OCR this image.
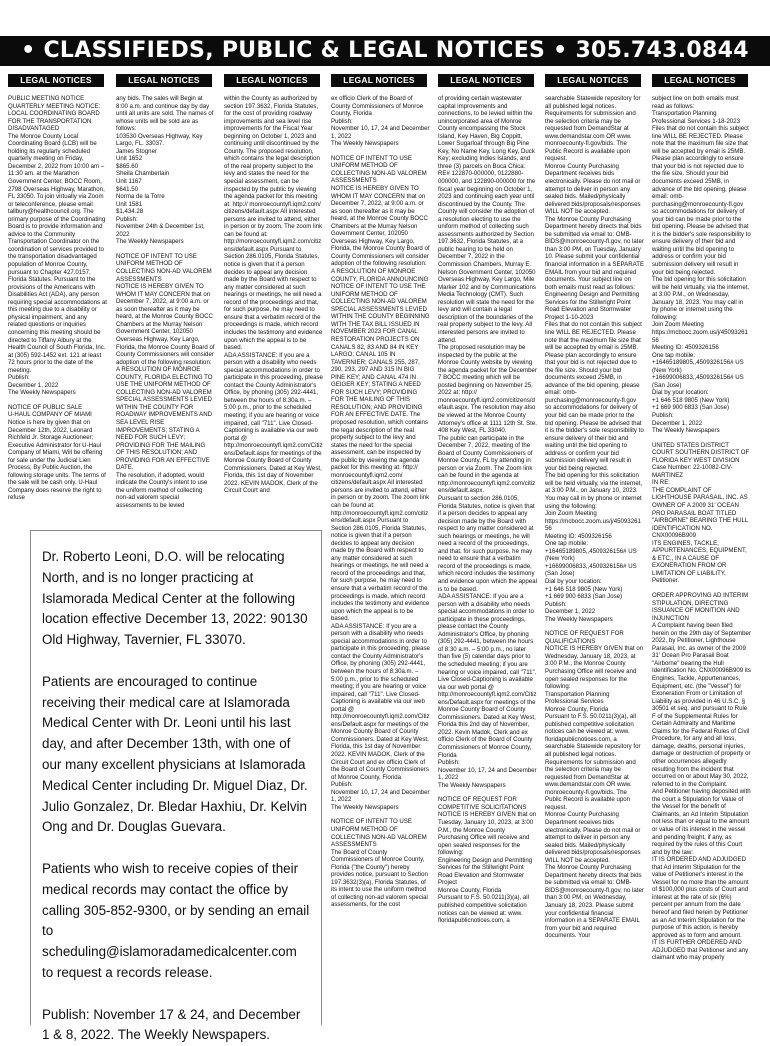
• CLASSIFIEDS, PUBLIC & LEGAL NOTICES • 305.743.0844
LEGAL NOTICES	LEGAL NOTICES	LEGAL NOTICES	LEGAL NOTICES	LEGAL NOTICES	LEGAL NOTICES	LEGAL NOTICES

PUBLIC MEETING NOTICE

QUARTERLY MEETING NOTICE: LOCAL COORDINATING BOARD FOR THE TRANSPORTATION DISADVANTAGED

The Monroe County Local Coordinating Board (LCB) will be holding its regularly scheduled quarterly meeting on Friday, December 2, 2022 from 10:00 am – 11:30 am. at the Marathon Government Center, BOCC Room, 2798 Overseas Highway, Marathon, FL 33050. To join virtually via Zoom or teleconference, please email tallbury@healthcouncil.org. The primary purpose of the Coordinating Board is to provide information and advice to the Community Transportation Coordinator on the coordination of services provided to the transportation disadvantaged population of Monroe County, pursuant to Chapter 427.0157, Florida Statutes. Pursuant to the provisions of the Americans with Disabilities Act (ADA), any person requiring special accommodations at this meeting due to a disability or physical impairment, and any related questions or inquiries concerning this meeting should be directed to Tiffany Albury at the Health Council of South Florida, Inc. at (305) 592-1452 ext. 121 at least 72 hours prior to the date of the meeting.

Publish:

December 1, 2022

The Weekly Newspapers

NOTICE OF PUBLIC SALE

U-HAUL COMPANY OF MIAMI Notice is here by given that on December 12th, 2022, Leonard Richfeld Jr. Storage Auctioneer; Executive Administrator for U-Haul Company of Miami, Will be offering for sale under the Judicial Lien Process, By Public Auction, the following storage units. The terms of the sale will be cash only. U-Haul Company does reserve the right to refuse

any bids. The sales will Begin at 8:00 a.m. and continue day by day until all units are sold. The names of whose units will be sold are as follows:

103530 Overseas Highway, Key Largo, FL. 33037.

James Stogner

Unit 1652

$865.60

Sheila Chamberlain

Unit 1167

$641.50

Norma de la Torre

Unit 1581

$1,434.28

Publish:

November 24th & December 1st, 2022

The Weekly Newspapers

NOTICE OF INTENT TO USE UNIFORM METHOD OF COLLECTING NON-AD VALOREM ASSESSMENTS

NOTICE IS HEREBY GIVEN TO WHOM IT MAY CONCERN that on December 7, 2022, at 9:00 a.m. or as soon thereafter as it may be heard, at the Monroe County BOCC Chambers at the Murray Nelson Government Center, 102050 Overseas Highway, Key Largo, Florida, the Monroe County Board of County Commissioners will consider adoption of the following resolution:

A RESOLUTION OF MONROE COUNTY, FLORIDA ELECTING TO USE THE UNIFORM METHOD OF COLLECTING NON-AD VALOREM SPECIAL ASSESSMENTS LEVIED WITHIN THE COUNTY FOR ROADWAY IMPROVEMENTS AND SEA LEVEL RISE IMPROVEMENTS; STATING A NEED FOR SUCH LEVY; PROVIDING FOR THE MAILING OF THIS RESOLUTION; AND PROVIDING FOR AN EFFECTIVE DATE.

The resolution, if adopted, would indicate the County's intent to use the uniform method of collecting non-ad valorem special assessments to be levied

within the County as authorized by section 197.3632, Florida Statutes, for the cost of providing roadway improvements and sea level rise improvements for the Fiscal Year beginning on October 1, 2023 and continuing until discontinued by the County. The proposed resolution, which contains the legal description of the real property subject to the levy and states the need for the special assessment, can be inspected by the public by viewing the agenda packet for this meeting at: http:// monroecountyfl.iqm2.com/ citizens/default.aspx All interested persons are invited to attend, either in person or by zoom. The zoom link can be found at: http://monroecountyfl.iqm2.com/citizens/default.aspx Pursuant to Section 286.0105, Florida Statutes, notice is given that if a person decides to appeal any decision made by the Board with respect to any matter considered at such hearings or meetings, he will need a record of the proceedings and that, for such purpose, he may need to ensure that a verbatim record of the proceedings is made, which record includes the testimony and evidence upon which the appeal is to be based.

ADA ASSISTANCE: If you are a person with a disability who needs special accommodations in order to participate in this proceeding, please contact the County Administrator's Office, by phoning (305) 292-4441, between the hours of 8:30a.m. – 5:00 p.m., prior to the scheduled meeting; if you are hearing or voice impaired, call "711". Live Closed-Captioning is available via our web portal @ http://monroecountyfl.iqm2.com/Citizens/Default.aspx for meetings of the Monroe County Board of County Commissioners. Dated at Key West, Florida, this 1st day of November 2022. KEVIN MADOK, Clerk of the Circuit Court and

ex officio Clerk of the Board of County Commissioners of Monroe County, Florida

Publish:

November 10, 17, 24 and December 1, 2022

The Weekly Newspapers

NOTICE OF INTENT TO USE UNIFORM METHOD OF COLLECTING NON-AD VALOREM ASSESSMENTS

NOTICE IS HEREBY GIVEN TO WHOM IT MAY CONCERN that on December 7, 2022, at 9:00 a.m. or as soon thereafter as it may be heard, at the Monroe County BOCC Chambers at the Murray Nelson Government Center, 102050 Overseas Highway, Key Largo, Florida, the Monroe County Board of County Commissioners will consider adoption of the following resolution:

A RESOLUTION OF MONROE COUNTY, FLORIDA ANNOUNCING NOTICE OF INTENT TO USE THE UNIFORM METHOD OF COLLECTING NON-AD VALOREM SPECIAL ASSESSMENTS LEVIED WITHIN THE COUNTY BEGINNING WITH THE TAX BILL ISSUED IN NOVEMBER 2023 FOR CANAL RESTORATION PROJECTS ON CANALS 82, 83 AND 84 IN KEY LARGO; CANAL 105 IN TAVERNIER; CANALS 255, 287, 290, 293, 297 AND 315 IN BIG PINE KEY; AND CANAL 474 IN GEIGER KEY; STATING A NEED FOR SUCH LEVY; PROVIDING FOR THE MAILING OF THIS RESOLUTION; AND PROVIDING FOR AN EFFECTIVE DATE. The proposed resolution, which contains the legal description of the real property subject to the levy and states the need for the special assessment, can be inspected by the public by viewing the agenda packet for this meeting at: http:// monroecountyfl.iqm2.com/ citizens/default.aspx All interested persons are invited to attend, either in person or by zoom. The zoom link can be found at: http://monroecountyfl.iqm2.com/citizens/default.aspx Pursuant to Section 286.0105, Florida Statutes, notice is given that if a person decides to appeal any decision made by the Board with respect to any matter considered at such hearings or meetings, he will need a record of the proceedings and that, for such purpose, he may need to ensure that a verbatim record of the proceedings is made, which record includes the testimony and evidence upon which the appeal is to be based.

ADA ASSISTANCE: If you are a person with a disability who needs special accommodations in order to participate in this proceeding, please contact the County Administrator's Office, by phoning (305) 292-4441, between the hours of 8:30a.m. – 5:00 p.m., prior to the scheduled meeting; if you are hearing or voice impaired, call "711". Live Closed-Captioning is available via our web portal @ http://monroecountyfl.iqm2.com/Citizens/Default.aspx for meetings of the Monroe County Board of County Commissioners. Dated at Key West, Florida, this 1st day of November 2022. KEVIN MADOK, Clerk of the Circuit Court and ex officio Clerk of the Board of County Commissioners of Monroe County, Florida

Publish:

November 10, 17, 24 and December 1, 2022

The Weekly Newspapers

NOTICE OF INTENT TO USE UNIFORM METHOD OF COLLECTING NON-AD VALOREM ASSESSMENTS

The Board of County Commissioners of Monroe County, Florida ("the County") hereby provides notice, pursuant to Section 197.3632(3)(a), Florida Statutes, of its intent to use the uniform method of collecting non-ad valorem special assessments, for the cost

of providing certain wastewater capital improvements and connections, to be levied within the unincorporated area of Monroe County encompassing the Stock Island, Key Haven, Big Coppitt, Lower Sugarloaf through Big Pine Key, No Name Key, Long Key, Duck Key; excluding Indies Islands, and three (3) parcels on Boca Chica: RE# 122870-000000, 0122880-000000, and 122890-000000 for the fiscal year beginning on October 1, 2023 and continuing each year until discontinued by the County. The County will consider the adoption of a resolution electing to use the uniform method of collecting such assessments authorized by Section 197.3632, Florida Statutes, at a public hearing to be held on December 7, 2022 in the Commission Chambers, Murray E. Nelson Government Center, 102050 Overseas Highway, Key Largo, Mile Marker 102 and by Communications Media Technology (CMT). Such resolution will state the need for the levy and will contain a legal description of the boundaries of the real property subject to the levy. All interested persons are invited to attend.

The proposed resolution may be inspected by the public at the Monroe County website by viewing the agenda packet for the December 7 BOCC meeting which will be posted beginning on November 25, 2022 at: http:// monroecountyfl.iqm2.com/citizens/default.aspx. The resolution may also be viewed at the Monroe County Attorney's office at 1111 12th St. Ste. 408 Key West, FL 33040.

The public can participate in the December 7, 2022, meeting of the Board of County Commissioners of Monroe County, FL by attending in person or via Zoom. The Zoom link can be found in the agenda at http://monroecountyfl.iqm2.com/citizens/default.aspx.

Pursuant to section 286.0105, Florida Statutes, notice is given that if a person decides to appeal any decision made by the Board with respect to any matter considered at such hearings or meetings, he will need a record of the proceedings, and that, for such purpose, he may need to ensure that a verbatim record of the proceedings is made, which record includes the testimony and evidence upon which the appeal is to be based.

ADA ASSISTANCE: If you are a person with a disability who needs special accommodations in order to participate in these proceedings, please contact the County Administrator's Office, by phoning (305) 292-4441, between the hours of 8:30 a.m. – 5:00 p.m., no later than five (5) calendar days prior to the scheduled meeting; if you are hearing or voice impaired, call "711". Live Closed-Captioning is available via our web portal @ http://monroecountyfl.iqm2.com/Citizens/Default.aspx for meetings of the Monroe County Board of County Commissioners. Dated at Key West, Florida this 2nd day of November, 2022. Kevin Madok, Clerk and ex officio Clerk of the Board of County Commissioners of Monroe County, Florida

Publish:

November 10, 17, 24 and December 1, 2022

The Weekly Newspapers

NOTICE OF REQUEST FOR COMPETITIVE SOLICITATIONS

NOTICE IS HEREBY GIVEN that on Tuesday, January 10, 2023, at 3:00 P.M., the Monroe County Purchasing Office will receive and open sealed responses for the following:

Engineering Design and Permitting Services for the Stillwright Point Road Elevation and Stormwater Project

Monroe County, Florida

Pursuant to F.S. 50.0211(3)(a), all published competitive solicitation notices can be viewed at: www. floridapublicnotices.com, a

searchable Statewide repository for all published legal notices. Requirements for submission and the selection criteria may be requested from DemandStar at www.demandstar.com OR www. monroecounty-fl.gov/bids. The Public Record is available upon request.

Monroe County Purchasing Department receives bids electronically. Please do not mail or attempt to deliver in person any sealed bids. Mailed/physically delivered bids/proposals/responses WILL NOT be accepted.

The Monroe County Purchasing Department hereby directs that bids be submitted via email to: OMB-BIDS@monroecounty-fl.gov, no later than 3:00 PM, on Tuesday, January 10. Please submit your confidential financial information in a SEPARATE EMAIL from your bid and required documents. Your subject line on both emails must read as follows:

Engineering Design and Permitting Services for the Stillwright Point Road Elevation and Stormwater Project 1-10-2023

Files that do not contain this subject line WILL BE REJECTED. Please note that the maximum file size that will be accepted by email is 25MB. Please plan accordingly to ensure that your bid is not rejected due to the file size. Should your bid documents exceed 25MB, in advance of the bid opening, please email: omb-purchasing@monroecounty-fl.gov so accommodations for delivery of your bid can be made prior to the bid opening. Please be advised that it is the bidder's sole responsibility to ensure delivery of their bid and waiting until the bid opening to address or confirm your bid submission delivery will result in your bid being rejected.

The bid opening for this solicitation will be held virtually, via the internet, at 3:00 P.M., on January 10, 2023. You may call in by phone or internet using the following:

Join Zoom Meeting

https://mcbocc.zoom.us/j/4509326156

Meeting ID: 4509326156

One tap mobile:

+16465189805,,4509326156# US (New York)

+16699006833,,4509326156# US (San Jose)

Dial by your location:

+1 646 518 9805 (New York)

+1 669 900 6833 (San Jose)

Publish:

December 1, 2022

The Weekly Newspapers

NOTICE OF REQUEST FOR QUALIFICATIONS

NOTICE IS HEREBY GIVEN that on Wednesday, January 18, 2023, at 3:00 P.M., the Monroe County Purchasing Office will receive and open sealed responses for the following:

Transportation Planning Professional Services

Monroe County, Florida

Pursuant to F.S. 50.0211(3)(a), all published competitive solicitation notices can be viewed at: www. floridapublicnotices.com, a searchable Statewide repository for all published legal notices. Requirements for submission and the selection criteria may be requested from DemandStar at www.demandstar.com OR www. monroecounty-fl.gov/bids. The Public Record is available upon request.

Monroe County Purchasing Department receives bids electronically. Please do not mail or attempt to deliver in person any sealed bids. Mailed/physically delivered bids/proposals/responses WILL NOT be accepted.

The Monroe County Purchasing Department hereby directs that bids be submitted via email to: OMB-BIDS@monroecounty-fl.gov, no later than 3:00 PM, on Wednesday, January 18, 2023. Please submit your confidential financial information in a SEPARATE EMAIL from your bid and required documents. Your

subject line on both emails must read as follows:

Transportation Planning Professional Services 1-18-2023

Files that do not contain this subject line WILL BE REJECTED. Please note that the maximum file size that will be accepted by email is 25MB. Please plan accordingly to ensure that your bid is not rejected due to the file size. Should your bid documents exceed 25MB, in advance of the bid opening, please email: omb-purchasing@monroecounty-fl.gov so accommodations for delivery of your bid can be made prior to the bid opening. Please be advised that it is the bidder's sole responsibility to ensure delivery of their bid and waiting until the bid opening to address or confirm your bid submission delivery will result in your bid being rejected.

The bid opening for this solicitation will be held virtually, via the internet, at 3:00 P.M., on Wednesday, January 18, 2023. You may call in by phone or internet using the following:

Join Zoom Meeting

https://mcbocc.zoom.us/j/4509326156

Meeting ID: 4509326156

One tap mobile:

+16465189805,,4509326156# US (New York)

+16699006833,,4509326156# US (San Jose)

Dial by your location:

+1 646 518 9805 (New York)

+1 669 900 6833 (San Jose)

Publish:

December 1, 2022

The Weekly Newspapers

UNITED STATES DISTRICT COURT SOUTHERN DISTRICT OF FLORIDA KEY WEST DIVISION

Case Number: 22-10082-CIV-MARTINEZ

IN RE:

THE COMPLAINT OF LIGHTHOUSE PARASAIL, INC. AS OWNER OF A 2009 31' OCEAN PRO PARASAIL BOAT TITLED "AIRBORNE" BEARING THE HULL IDENTIFICATION NO. CNX00096B909

ITS ENGINES, TACKLE, APPURTENANCES, EQUIPMENT, & ETC., IN A CAUSE OF EXONERATION FROM OR LIMITATION OF LIABILITY,

Petitioner.

ORDER APPROVING AD INTERIM STIPULATION, DIRECTING ISSUANCE OF MONITION AND INJUNCTION

A Complaint having been filed herein on the 29th day of September 2022, by Petitioner, Lighthouse Parasail, Inc. as owner of the 2009 31' Ocean Pro Parasail Boat "Airborne" bearing the Hull Identification No. CNX00096B909 its Engines, Tackle, Appurtenances, Equipment, etc. (the "Vessel") for Exoneration From or Limitation of Liability as provided in 46 U.S.C. § 30501 et seq. and pursuant to Rule F of the Supplemental Rules for Certain Admiralty and Maritime Claims for the Federal Rules of Civil Procedure, for any and all loss, damage, deaths, personal injuries, damage or destruction of property or other occurrences allegedly resulting from the incident that occurred on or about May 30, 2022, referred to in the Complaint.

And Petitioner having deposited with the court a Stipulation for Value of the Vessel for the benefit of Claimants, an Ad Interim Stipulation not less than or equal to the amount or value of its interest in the vessel and pending freight, if any, as required by the rules of this Court and by the law:

IT IS ORDERED AND ADJUDGED that Ad Interim Stipulation for the value of Petitioner's interest in the Vessel for no more than the amount of $100,000 plus costs of Court and interest at the rate of six (6%) percent per annum from the date hereof and filed herein by Petitioner as an Ad Interim Stipulation for the purpose of this action, is hereby approved as to form and amount.

IT IS FURTHER ORDERED AND ADJUDGED that Petitioner and any claimant who may properly

Dr. Roberto Leoni, D.O. will be relocating North, and is no longer practicing at Islamorada Medical Center at the following location effective December 13, 2022: 90130 Old Highway, Tavernier, FL 33070.

Patients are encouraged to continue receiving their medical care at Islamorada Medical Center with Dr. Leoni until his last day, and after December 13th, with one of our many excellent physicians at Islamorada Medical Center including Dr. Miguel Diaz, Dr. Julio Gonzalez, Dr. Bledar Haxhiu, Dr. Kelvin Ong and Dr. Douglas Guevara.

Patients who wish to receive copies of their medical records may contact the office by calling 305-852-9300, or by sending an email to scheduling@islamoradamedicalcenter.com to request a records release.

Publish: November 17 & 24, and December 1 & 8, 2022. The Weekly Newspapers.
